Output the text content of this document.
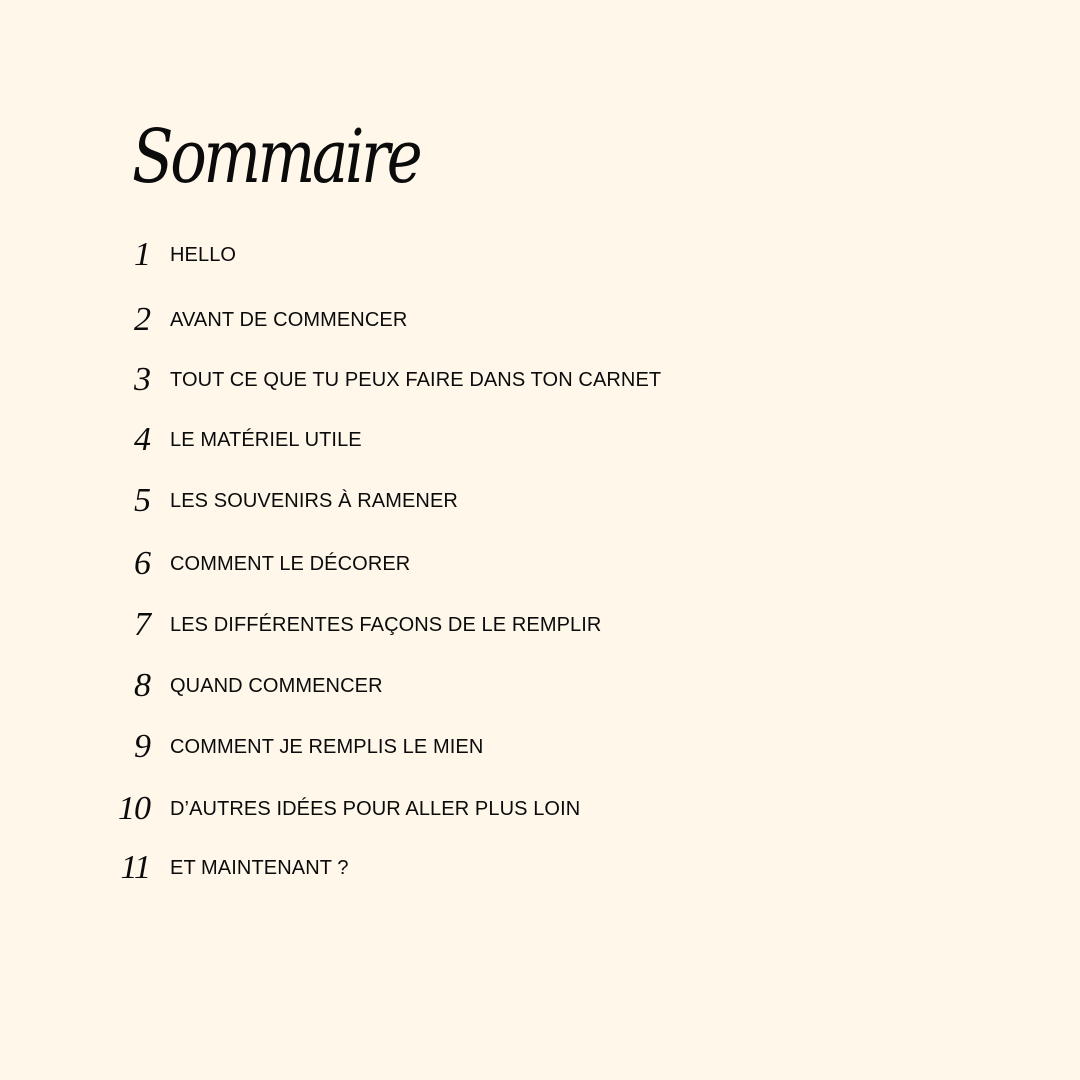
Sommaire
1 HELLO
2 AVANT DE COMMENCER
3 TOUT CE QUE TU PEUX FAIRE DANS TON CARNET
4 LE MATÉRIEL UTILE
5 LES SOUVENIRS À RAMENER
6 COMMENT LE DÉCORER
7 LES DIFFÉRENTES FAÇONS DE LE REMPLIR
8 QUAND COMMENCER
9 COMMENT JE REMPLIS LE MIEN
10 D’AUTRES IDÉES POUR ALLER PLUS LOIN
11 ET MAINTENANT ?
